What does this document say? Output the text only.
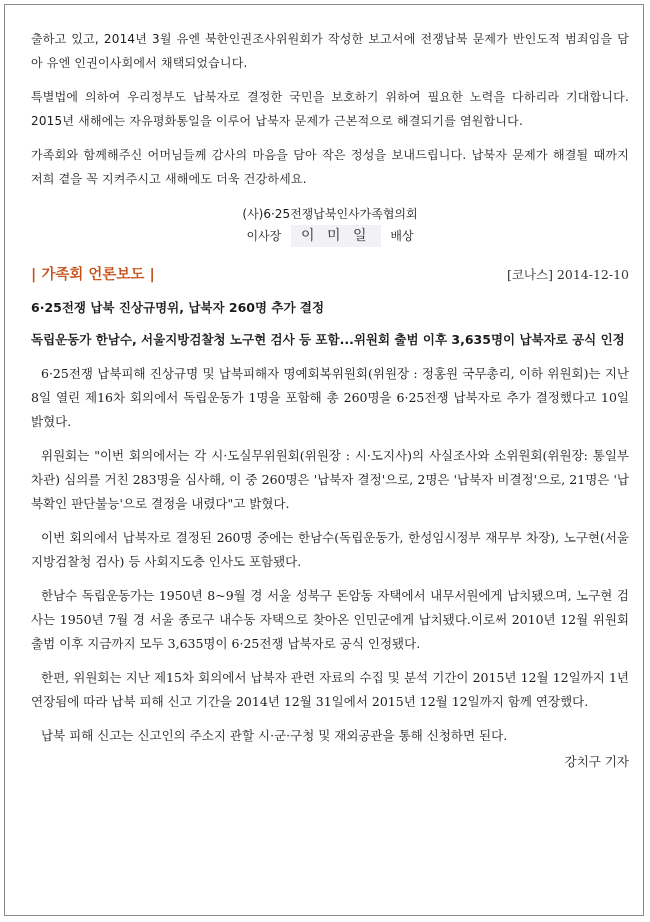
출하고 있고, 2014년 3월 유엔 북한인권조사위원회가 작성한 보고서에 전쟁납북 문제가 반인도적 범죄임을 담아 유엔 인권이사회에서 채택되었습니다.

특별법에 의하여 우리정부도 납북자로 결정한 국민을 보호하기 위하여 필요한 노력을 다하리라 기대합니다. 2015년 새해에는 자유평화통일을 이루어 납북자 문제가 근본적으로 해결되기를 염원합니다.

가족회와 함께해주신 어머님들께 감사의 마음을 담아 작은 정성을 보내드립니다. 납북자 문제가 해결될 때까지 저희 곁을 꼭 지켜주시고 새해에도 더욱 건강하세요.

(사)6·25전쟁납북인사가족협의회
이사장 이 미 일 배상
| 가족회 언론보도 |	[코나스] 2014-12-10
6·25전쟁 납북 진상규명위, 납북자 260명 추가 결정
독립운동가 한남수, 서울지방검찰청 노구현 검사 등 포함...위원회 출범 이후 3,635명이 납북자로 공식 인정

6·25전쟁 납북피해 진상규명 및 납북피해자 명예회복위원회(위원장 : 정홍원 국무총리, 이하 위원회)는 지난 8일 열린 제16차 회의에서 독립운동가 1명을 포함해 총 260명을 6·25전쟁 납북자로 추가 결정했다고 10일 밝혔다.

위원회는 "이번 회의에서는 각 시·도실무위원회(위원장 : 시·도지사)의 사실조사와 소위원회(위원장: 통일부차관) 심의를 거친 283명을 심사해, 이 중 260명은 '납북자 결정'으로, 2명은 '납북자 비결정'으로, 21명은 '납북확인 판단불능'으로 결정을 내렸다"고 밝혔다.

이번 회의에서 납북자로 결정된 260명 중에는 한남수(독립운동가, 한성임시정부 재무부 차장), 노구현(서울지방검찰청 검사) 등 사회지도층 인사도 포함됐다.

한남수 독립운동가는 1950년 8~9월 경 서울 성북구 돈암동 자택에서 내무서원에게 납치됐으며, 노구현 검사는 1950년 7월 경 서울 종로구 내수동 자택으로 찾아온 인민군에게 납치됐다.이로써 2010년 12월 위원회 출범 이후 지금까지 모두 3,635명이 6·25전쟁 납북자로 공식 인정됐다.

한편, 위원회는 지난 제15차 회의에서 납북자 관련 자료의 수집 및 분석 기간이 2015년 12월 12일까지 1년 연장됨에 따라 납북 피해 신고 기간을 2014년 12월 31일에서 2015년 12월 12일까지 함께 연장했다.

납북 피해 신고는 신고인의 주소지 관할 시·군·구청 및 재외공관을 통해 신청하면 된다.

강치구 기자
